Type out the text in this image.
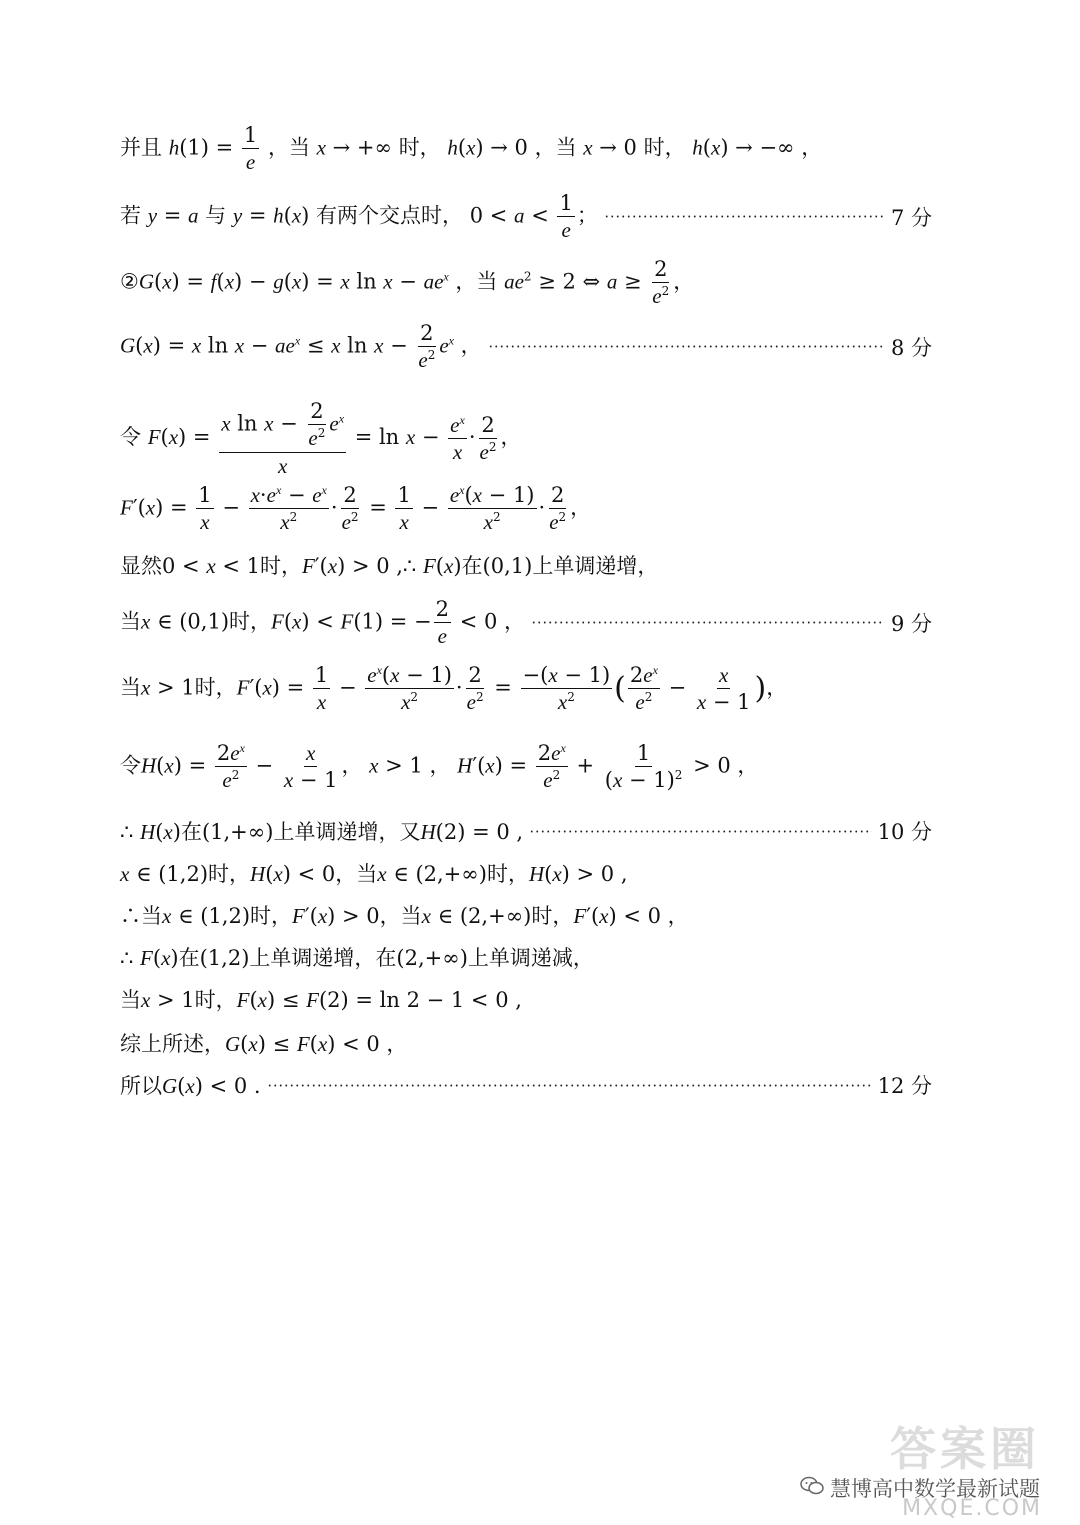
并且 $h(1) = \frac{1}{e}$ ，当 x → +∞ 时， h(x) → 0 ，当 x → 0 时， h(x) → −∞ ，
若 y = a 与 y = h(x) 有两个交点时， $0 < a < \frac{1}{e}$ ；	7 分
②G(x) = f(x) − g(x) = x $\ln x - ae^x$ ，当 $ae^2 \ge 2$ ⇔ $a \ge \frac{2}{e^2}$ ，
G(x) = x $\ln x - ae^x \le x$ $\ln x - \frac{2}{e^2} e^x$ ，	8 分
令 $F(x) = \frac{x \ln x - \frac{2}{e^2} e^x}{x} = \ln x - \frac{e^x}{x} \cdot \frac{2}{e^2}$ ，
$F'(x) = \frac{1}{x} - \frac{x\cdot e^x - e^x}{x^2} \cdot \frac{2}{e^2} = \frac{1}{x} - \frac{e^x(x - 1)}{x^2} \cdot \frac{2}{e^2}$ ，
显然0 < x < 1时，F′(x) > 0 ,∴ F(x)在(0,1)上单调递增，
当x ∈ (0,1)时，F(x) < F(1) = − $\frac{2}{e} < 0$ ，	9 分
当x > 1时，$F'(x) = \frac{1}{x} - \frac{e^x(x - 1)}{x^2} \cdot \frac{2}{e^2} = \frac{-(x - 1)}{x^2}$ ( $\frac{2e^x}{e^2} - \frac{x}{x - 1}$ )，
令$H(x) = \frac{2e^x}{e^2} - \frac{x}{x - 1}$ ， x > 1 ， $H'(x) = \frac{2e^x}{e^2} + \frac{1}{(x - 1)^2} > 0$ ，
∴ H(x)在(1,+∞)上单调递增，又H(2) = 0 ,	10 分
x ∈ (1,2)时，H(x) < 0，当x ∈ (2,+∞)时，H(x) > 0 ,
∴当x ∈ (1,2)时，F′(x) > 0，当x ∈ (2,+∞)时，F′(x) < 0 ，
∴ F(x)在(1,2)上单调递增，在(2,+∞)上单调递减，
当x > 1时，F(x) ≤ F(2) = ln 2 − 1 < 0 ,
综上所述，G(x) ≤ F(x) < 0 ，
所以G(x) < 0 .	12 分
答案圈
慧博高中数学最新试题
MXQE.COM
